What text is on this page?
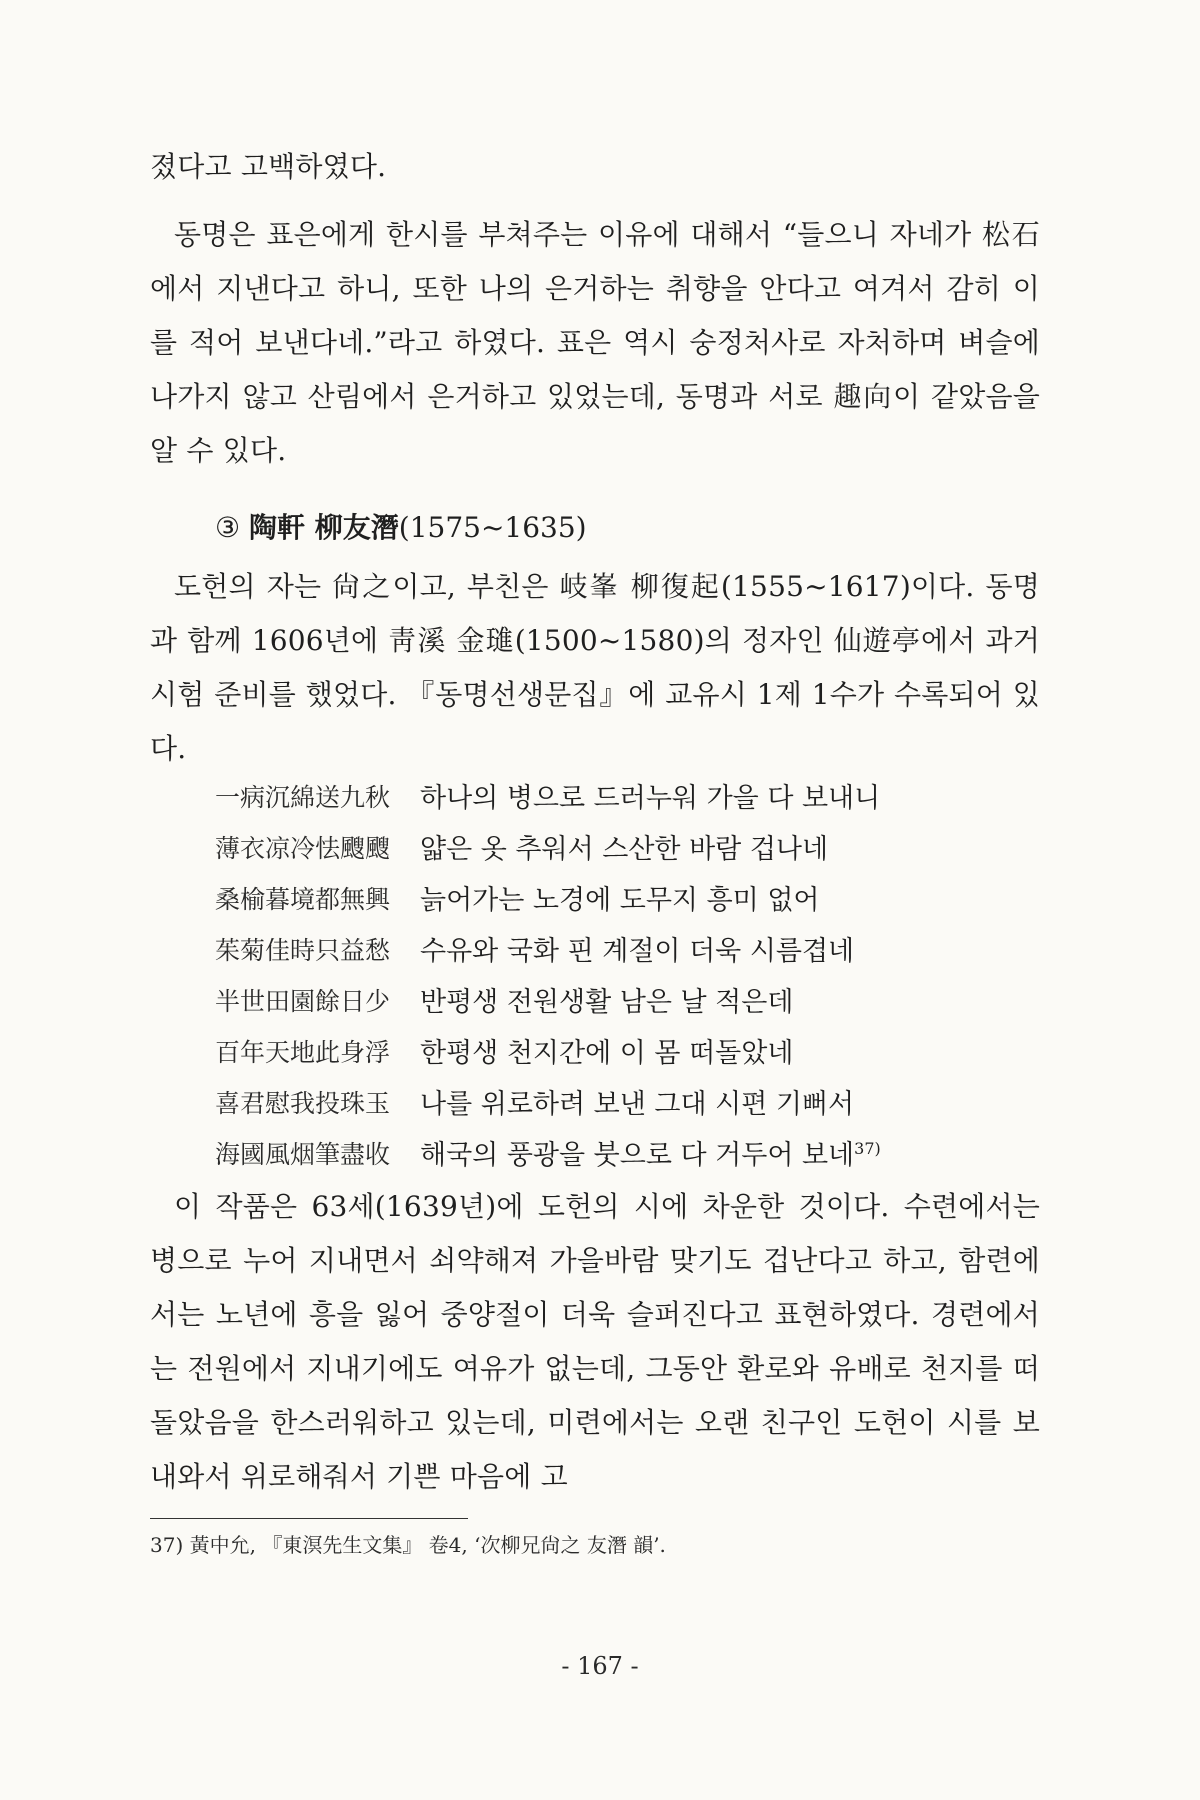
졌다고 고백하였다.
동명은 표은에게 한시를 부쳐주는 이유에 대해서 “들으니 자네가 松石에서 지낸다고 하니, 또한 나의 은거하는 취향을 안다고 여겨서 감히 이를 적어 보낸다네.”라고 하였다. 표은 역시 숭정처사로 자처하며 벼슬에 나가지 않고 산림에서 은거하고 있었는데, 동명과 서로 趣向이 같았음을 알 수 있다.
③ 陶軒 柳友潛(1575~1635)
도헌의 자는 尙之이고, 부친은 岐峯 柳復起(1555~1617)이다. 동명과 함께 1606년에 靑溪 金璡(1500~1580)의 정자인 仙遊亭에서 과거 시험 준비를 했었다. 『동명선생문집』에 교유시 1제 1수가 수록되어 있다.
一病沉綿送九秋	하나의 병으로 드러누워 가을 다 보내니
薄衣凉冷怯颼颼	얇은 옷 추워서 스산한 바람 겁나네
桑榆暮境都無興	늙어가는 노경에 도무지 흥미 없어
茱菊佳時只益愁	수유와 국화 핀 계절이 더욱 시름겹네
半世田園餘日少	반평생 전원생활 남은 날 적은데
百年天地此身浮	한평생 천지간에 이 몸 떠돌았네
喜君慰我投珠玉	나를 위로하려 보낸 그대 시편 기뻐서
海國風烟筆盡收	해국의 풍광을 붓으로 다 거두어 보네$^{37)}$
이 작품은 63세(1639년)에 도헌의 시에 차운한 것이다. 수련에서는 병으로 누어 지내면서 쇠약해져 가을바람 맞기도 겁난다고 하고, 함련에서는 노년에 흥을 잃어 중양절이 더욱 슬퍼진다고 표현하였다. 경련에서는 전원에서 지내기에도 여유가 없는데, 그동안 환로와 유배로 천지를 떠돌았음을 한스러워하고 있는데, 미련에서는 오랜 친구인 도헌이 시를 보내와서 위로해줘서 기쁜 마음에 고
37) 黃中允, 『東溟先生文集』 卷4, ‘次柳兄尙之 友潛 韻’.
- 167 -
